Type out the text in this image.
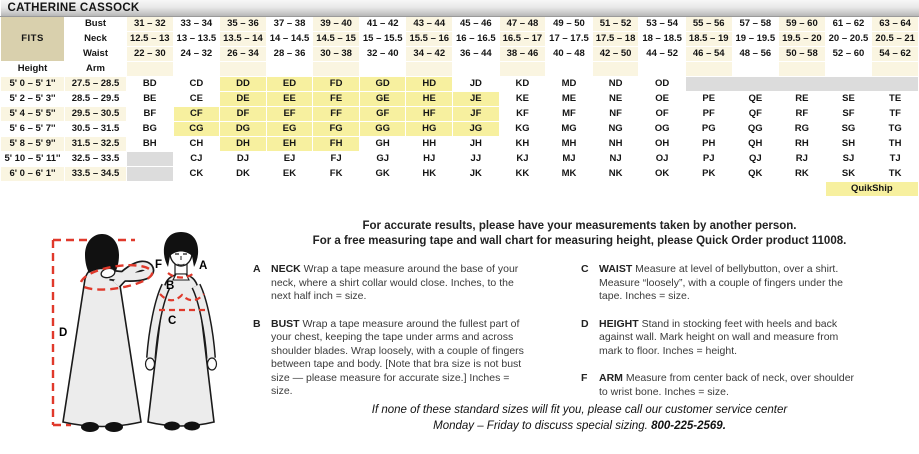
CATHERINE CASSOCK																		
FITS	Bust	31 – 32	33 – 34	35 – 36	37 – 38	39 – 40	41 – 42	43 – 44	45 – 46	47 – 48	49 – 50	51 – 52	53 – 54	55 – 56	57 – 58	59 – 60	61 – 62	63 – 64
	Neck	12.5 – 13	13 – 13.5	13.5 – 14	14 – 14.5	14.5 – 15	15 – 15.5	15.5 – 16	16 – 16.5	16.5 – 17	17 – 17.5	17.5 – 18	18 – 18.5	18.5 – 19	19 – 19.5	19.5 – 20	20 – 20.5	20.5 – 21
	Waist	22 – 30	24 – 32	26 – 34	28 – 36	30 – 38	32 – 40	34 – 42	36 – 44	38 – 46	40 – 48	42 – 50	44 – 52	46 – 54	48 – 56	50 – 58	52 – 60	54 – 62
Height	Arm																	
5' 0 – 5' 1''	27.5 – 28.5	BD	CD	DD	ED	FD	GD	HD	JD	KD	MD	ND	OD					
5' 2 – 5' 3''	28.5 – 29.5	BE	CE	DE	EE	FE	GE	HE	JE	KE	ME	NE	OE	PE	QE	RE	SE	TE
5' 4 – 5' 5''	29.5 – 30.5	BF	CF	DF	EF	FF	GF	HF	JF	KF	MF	NF	OF	PF	QF	RF	SF	TF
5' 6 – 5' 7''	30.5 – 31.5	BG	CG	DG	EG	FG	GG	HG	JG	KG	MG	NG	OG	PG	QG	RG	SG	TG
5' 8 – 5' 9''	31.5 – 32.5	BH	CH	DH	EH	FH	GH	HH	JH	KH	MH	NH	OH	PH	QH	RH	SH	TH
5' 10 – 5' 11''	32.5 – 33.5		CJ	DJ	EJ	FJ	GJ	HJ	JJ	KJ	MJ	NJ	OJ	PJ	QJ	RJ	SJ	TJ
6' 0 – 6' 1''	33.5 – 34.5		CK	DK	EK	FK	GK	HK	JK	KK	MK	NK	OK	PK	QK	RK	SK	TK
																	QuikShip	
D
F	A
B
C
For accurate results, please have your measurements taken by another person.
For a free measuring tape and wall chart for measuring height, please Quick Order product 11008.
A NECK Wrap a tape measure around the base of your neck, where a shirt collar would close. Inches, to the next half inch = size.
B BUST Wrap a tape measure around the fullest part of your chest, keeping the tape under arms and across shoulder blades. Wrap loosely, with a couple of fingers between tape and body. [Note that bra size is not bust size — please measure for accurate size.] Inches = size.
C WAIST Measure at level of bellybutton, over a shirt. Measure “loosely”, with a couple of fingers under the tape. Inches = size.
D HEIGHT Stand in stocking feet with heels and back against wall. Mark height on wall and measure from mark to floor. Inches = height.
F	ARM Measure from center back of neck, over shoulder to wrist bone. Inches = size.
If none of these standard sizes will fit you, please call our customer service center
Monday – Friday to discuss special sizing. 800-225-2569.
